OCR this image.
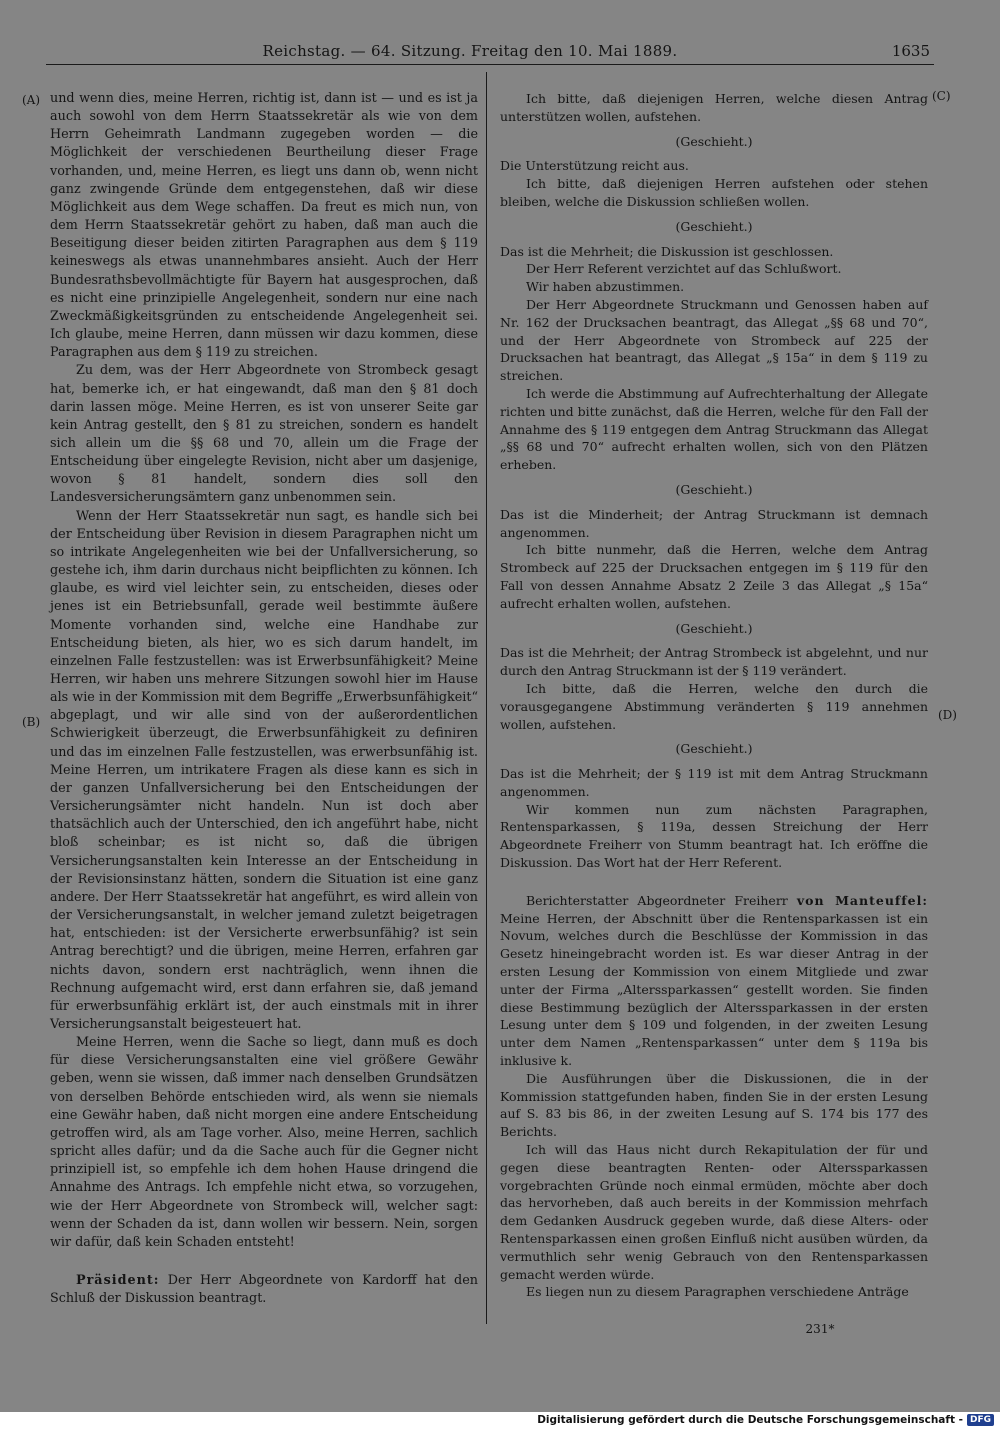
Reichstag. — 64. Sitzung. Freitag den 10. Mai 1889.	1635
(A)
(B)
(C)
(D)

und wenn dies, meine Herren, richtig ist, dann ist — und es ist ja auch sowohl von dem Herrn Staatssekretär als wie von dem Herrn Geheimrath Landmann zugegeben worden — die Möglichkeit der verschiedenen Beurtheilung dieser Frage vorhanden, und, meine Herren, es liegt uns dann ob, wenn nicht ganz zwingende Gründe dem entgegenstehen, daß wir diese Möglichkeit aus dem Wege schaffen. Da freut es mich nun, von dem Herrn Staatssekretär gehört zu haben, daß man auch die Beseitigung dieser beiden zitirten Paragraphen aus dem § 119 keineswegs als etwas unannehmbares ansieht. Auch der Herr Bundesrathsbevollmächtigte für Bayern hat ausgesprochen, daß es nicht eine prinzipielle Angelegenheit, sondern nur eine nach Zweckmäßigkeitsgründen zu entscheidende Angelegenheit sei. Ich glaube, meine Herren, dann müssen wir dazu kommen, diese Paragraphen aus dem § 119 zu streichen.

Zu dem, was der Herr Abgeordnete von Strombeck gesagt hat, bemerke ich, er hat eingewandt, daß man den § 81 doch darin lassen möge. Meine Herren, es ist von unserer Seite gar kein Antrag gestellt, den § 81 zu streichen, sondern es handelt sich allein um die §§ 68 und 70, allein um die Frage der Entscheidung über eingelegte Revision, nicht aber um dasjenige, wovon § 81 handelt, sondern dies soll den Landesversicherungsämtern ganz unbenommen sein.

Wenn der Herr Staatssekretär nun sagt, es handle sich bei der Entscheidung über Revision in diesem Paragraphen nicht um so intrikate Angelegenheiten wie bei der Unfallversicherung, so gestehe ich, ihm darin durchaus nicht beipflichten zu können. Ich glaube, es wird viel leichter sein, zu entscheiden, dieses oder jenes ist ein Betriebsunfall, gerade weil bestimmte äußere Momente vorhanden sind, welche eine Handhabe zur Entscheidung bieten, als hier, wo es sich darum handelt, im einzelnen Falle festzustellen: was ist Erwerbsunfähigkeit? Meine Herren, wir haben uns mehrere Sitzungen sowohl hier im Hause als wie in der Kommission mit dem Begriffe „Erwerbsunfähigkeit“ abgeplagt, und wir alle sind von der außerordentlichen Schwierigkeit überzeugt, die Erwerbsunfähigkeit zu definiren und das im einzelnen Falle festzustellen, was erwerbsunfähig ist. Meine Herren, um intrikatere Fragen als diese kann es sich in der ganzen Unfallversicherung bei den Entscheidungen der Versicherungsämter nicht handeln. Nun ist doch aber thatsächlich auch der Unterschied, den ich angeführt habe, nicht bloß scheinbar; es ist nicht so, daß die übrigen Versicherungsanstalten kein Interesse an der Entscheidung in der Revisionsinstanz hätten, sondern die Situation ist eine ganz andere. Der Herr Staatssekretär hat angeführt, es wird allein von der Versicherungsanstalt, in welcher jemand zuletzt beigetragen hat, entschieden: ist der Versicherte erwerbsunfähig? ist sein Antrag berechtigt? und die übrigen, meine Herren, erfahren gar nichts davon, sondern erst nachträglich, wenn ihnen die Rechnung aufgemacht wird, erst dann erfahren sie, daß jemand für erwerbsunfähig erklärt ist, der auch einstmals mit in ihrer Versicherungsanstalt beigesteuert hat.

Meine Herren, wenn die Sache so liegt, dann muß es doch für diese Versicherungsanstalten eine viel größere Gewähr geben, wenn sie wissen, daß immer nach denselben Grundsätzen von derselben Behörde entschieden wird, als wenn sie niemals eine Gewähr haben, daß nicht morgen eine andere Entscheidung getroffen wird, als am Tage vorher. Also, meine Herren, sachlich spricht alles dafür; und da die Sache auch für die Gegner nicht prinzipiell ist, so empfehle ich dem hohen Hause dringend die Annahme des Antrags. Ich empfehle nicht etwa, so vorzugehen, wie der Herr Abgeordnete von Strombeck will, welcher sagt: wenn der Schaden da ist, dann wollen wir bessern. Nein, sorgen wir dafür, daß kein Schaden entsteht!

Präsident: Der Herr Abgeordnete von Kardorff hat den Schluß der Diskussion beantragt.

Ich bitte, daß diejenigen Herren, welche diesen Antrag unterstützen wollen, aufstehen.

(Geschieht.)

Die Unterstützung reicht aus.

Ich bitte, daß diejenigen Herren aufstehen oder stehen bleiben, welche die Diskussion schließen wollen.

(Geschieht.)

Das ist die Mehrheit; die Diskussion ist geschlossen.

Der Herr Referent verzichtet auf das Schlußwort.

Wir haben abzustimmen.

Der Herr Abgeordnete Struckmann und Genossen haben auf Nr. 162 der Drucksachen beantragt, das Allegat „§§ 68 und 70“, und der Herr Abgeordnete von Strombeck auf 225 der Drucksachen hat beantragt, das Allegat „§ 15a“ in dem § 119 zu streichen.

Ich werde die Abstimmung auf Aufrechterhaltung der Allegate richten und bitte zunächst, daß die Herren, welche für den Fall der Annahme des § 119 entgegen dem Antrag Struckmann das Allegat „§§ 68 und 70“ aufrecht erhalten wollen, sich von den Plätzen erheben.

(Geschieht.)

Das ist die Minderheit; der Antrag Struckmann ist demnach angenommen.

Ich bitte nunmehr, daß die Herren, welche dem Antrag Strombeck auf 225 der Drucksachen entgegen im § 119 für den Fall von dessen Annahme Absatz 2 Zeile 3 das Allegat „§ 15a“ aufrecht erhalten wollen, aufstehen.

(Geschieht.)

Das ist die Mehrheit; der Antrag Strombeck ist abgelehnt, und nur durch den Antrag Struckmann ist der § 119 verändert.

Ich bitte, daß die Herren, welche den durch die vorausgegangene Abstimmung veränderten § 119 annehmen wollen, aufstehen.

(Geschieht.)

Das ist die Mehrheit; der § 119 ist mit dem Antrag Struckmann angenommen.

Wir kommen nun zum nächsten Paragraphen, Rentensparkassen, § 119a, dessen Streichung der Herr Abgeordnete Freiherr von Stumm beantragt hat. Ich eröffne die Diskussion. Das Wort hat der Herr Referent.

Berichterstatter Abgeordneter Freiherr von Manteuffel: Meine Herren, der Abschnitt über die Rentensparkassen ist ein Novum, welches durch die Beschlüsse der Kommission in das Gesetz hineingebracht worden ist. Es war dieser Antrag in der ersten Lesung der Kommission von einem Mitgliede und zwar unter der Firma „Alterssparkassen“ gestellt worden. Sie finden diese Bestimmung bezüglich der Alterssparkassen in der ersten Lesung unter dem § 109 und folgenden, in der zweiten Lesung unter dem Namen „Rentensparkassen“ unter dem § 119a bis inklusive k.

Die Ausführungen über die Diskussionen, die in der Kommission stattgefunden haben, finden Sie in der ersten Lesung auf S. 83 bis 86, in der zweiten Lesung auf S. 174 bis 177 des Berichts.

Ich will das Haus nicht durch Rekapitulation der für und gegen diese beantragten Renten- oder Alterssparkassen vorgebrachten Gründe noch einmal ermüden, möchte aber doch das hervorheben, daß auch bereits in der Kommission mehrfach dem Gedanken Ausdruck gegeben wurde, daß diese Alters- oder Rentensparkassen einen großen Einfluß nicht ausüben würden, da vermuthlich sehr wenig Gebrauch von den Rentensparkassen gemacht werden würde.

Es liegen nun zu diesem Paragraphen verschiedene Anträge

231*
Digitalisierung gefördert durch die Deutsche Forschungsgemeinschaft - DFG
